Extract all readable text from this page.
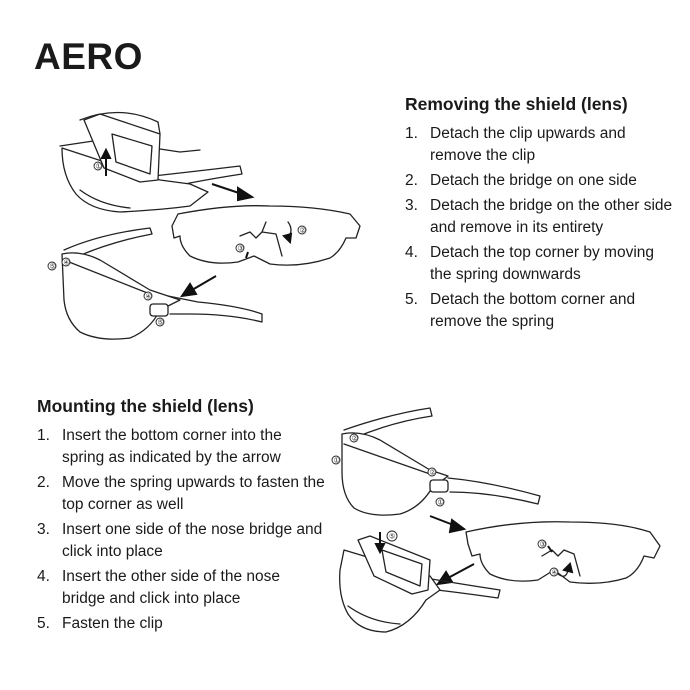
AERO
Removing the shield (lens)
1. Detach the clip upwards and remove the clip
2. Detach the bridge on one side
3. Detach the bridge on the other side and remove in its entirety
4. Detach the top corner by moving the spring downwards
5. Detach the bottom corner and remove the spring
Mounting the shield (lens)
1. Insert the bottom corner into the spring as indicated by the arrow
2. Move the spring upwards to fasten the top corner as well
3. Insert one side of the nose bridge and click into place
4. Insert the other side of the nose bridge and click into place
5. Fasten the clip
①
②
③
⑤ ④
④
⑤
①
②
②
①
③
④
⑤
